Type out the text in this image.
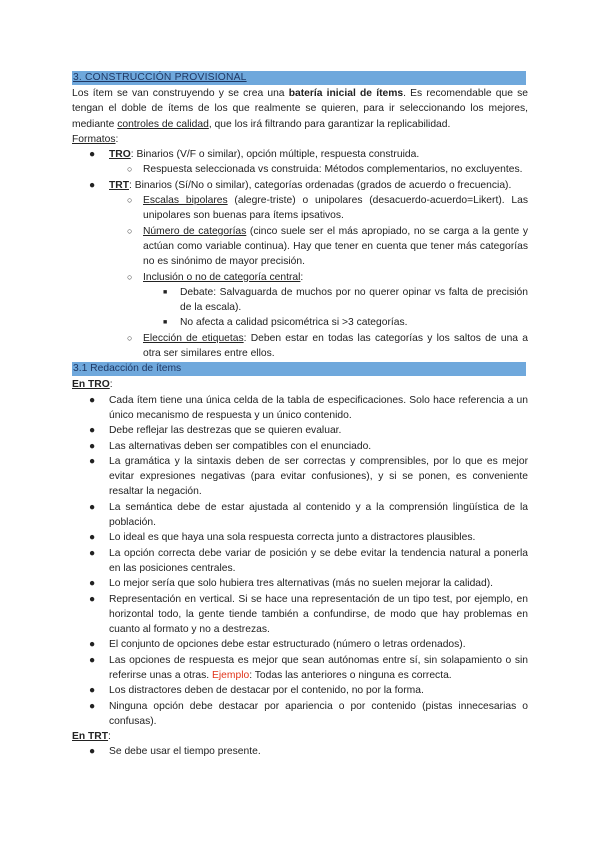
3. CONSTRUCCIÓN PROVISIONAL

Los ítem se van construyendo y se crea una batería inicial de ítems. Es recomendable que se tengan el doble de ítems de los que realmente se quieren, para ir seleccionando los mejores, mediante controles de calidad, que los irá filtrando para garantizar la replicabilidad.

Formatos:

● TRO: Binarios (V/F o similar), opción múltiple, respuesta construida.
○ Respuesta seleccionada vs construida: Métodos complementarios, no excluyentes.
● TRT: Binarios (Sí/No o similar), categorías ordenadas (grados de acuerdo o frecuencia).
○ Escalas bipolares (alegre-triste) o unipolares (desacuerdo-acuerdo=Likert). Las unipolares son buenas para ítems ipsativos.
○ Número de categorías (cinco suele ser el más apropiado, no se carga a la gente y actúan como variable continua). Hay que tener en cuenta que tener más categorías no es sinónimo de mayor precisión.
○ Inclusión o no de categoría central:
■ Debate: Salvaguarda de muchos por no querer opinar vs falta de precisión de la escala).
■ No afecta a calidad psicométrica si >3 categorías.
○ Elección de etiquetas: Deben estar en todas las categorías y los saltos de una a otra ser similares entre ellos.
3.1 Redacción de ítems

En TRO:

● Cada ítem tiene una única celda de la tabla de especificaciones. Solo hace referencia a un único mecanismo de respuesta y un único contenido.
● Debe reflejar las destrezas que se quieren evaluar.
● Las alternativas deben ser compatibles con el enunciado.
● La gramática y la sintaxis deben de ser correctas y comprensibles, por lo que es mejor evitar expresiones negativas (para evitar confusiones), y si se ponen, es conveniente resaltar la negación.
● La semántica debe de estar ajustada al contenido y a la comprensión lingüística de la población.
● Lo ideal es que haya una sola respuesta correcta junto a distractores plausibles.
● La opción correcta debe variar de posición y se debe evitar la tendencia natural a ponerla en las posiciones centrales.
● Lo mejor sería que solo hubiera tres alternativas (más no suelen mejorar la calidad).
● Representación en vertical. Si se hace una representación de un tipo test, por ejemplo, en horizontal todo, la gente tiende también a confundirse, de modo que hay problemas en cuanto al formato y no a destrezas.
● El conjunto de opciones debe estar estructurado (número o letras ordenados).
● Las opciones de respuesta es mejor que sean autónomas entre sí, sin solapamiento o sin referirse unas a otras. Ejemplo: Todas las anteriores o ninguna es correcta.
● Los distractores deben de destacar por el contenido, no por la forma.
● Ninguna opción debe destacar por apariencia o por contenido (pistas innecesarias o confusas).

En TRT:

● Se debe usar el tiempo presente.
